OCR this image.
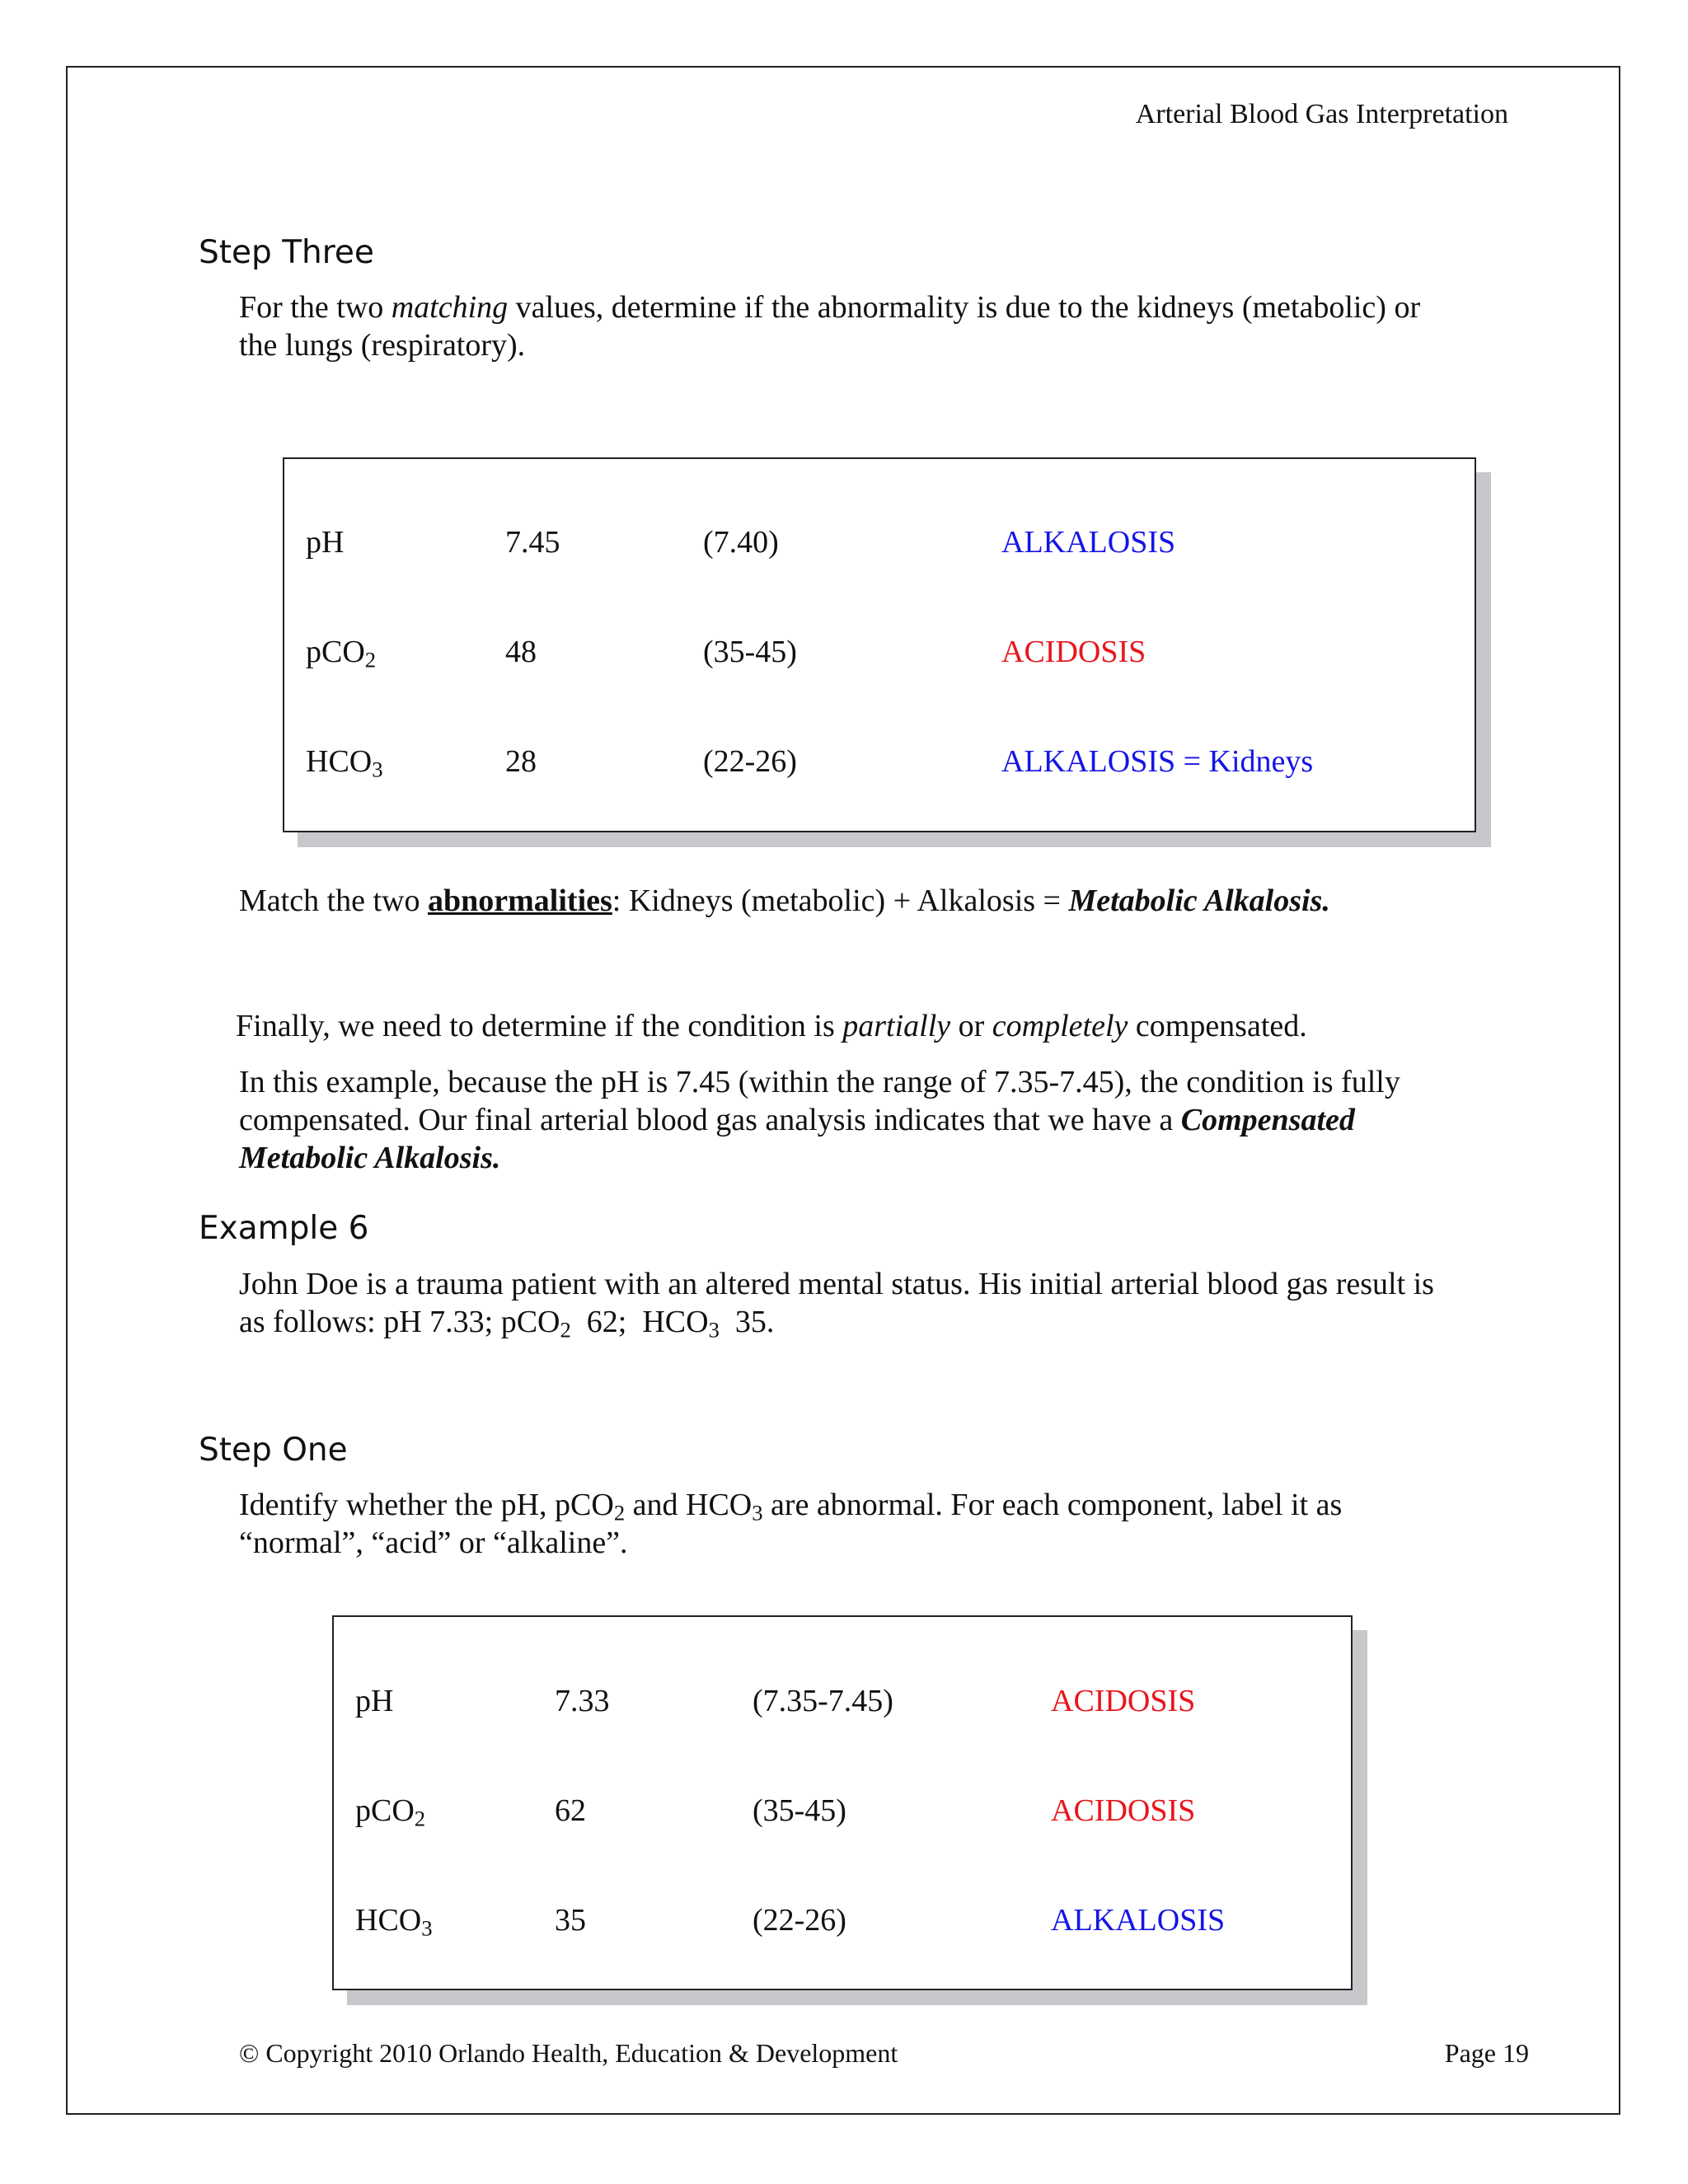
Arterial Blood Gas Interpretation
Step Three
For the two matching values, determine if the abnormality is due to the kidneys (metabolic) or
the lungs (respiratory).
pH	7.45	(7.40)	ALKALOSIS
pCO$_2$	48	(35-45)	ACIDOSIS
$HCO_3$	28	(22-26)	ALKALOSIS = Kidneys
Match the two abnormalities: Kidneys (metabolic) + Alkalosis = Metabolic Alkalosis.
Finally, we need to determine if the condition is partially or completely compensated.
In this example, because the pH is 7.45 (within the range of 7.35-7.45), the condition is fully
compensated. Our final arterial blood gas analysis indicates that we have a Compensated
Metabolic Alkalosis.
Example 6
John Doe is a trauma patient with an altered mental status. His initial arterial blood gas result is
as follows: pH 7.33; pCO$_2$  62;  $HCO_3$  35.
Step One
Identify whether the pH, pCO$_2$ and $HCO_3$ are abnormal. For each component, label it as
“normal”, “acid” or “alkaline”.
pH	7.33	(7.35-7.45)	ACIDOSIS
pCO$_2$	62	(35-45)	ACIDOSIS
$HCO_3$	35	(22-26)	ALKALOSIS
© Copyright 2010 Orlando Health, Education & Development	Page 19
